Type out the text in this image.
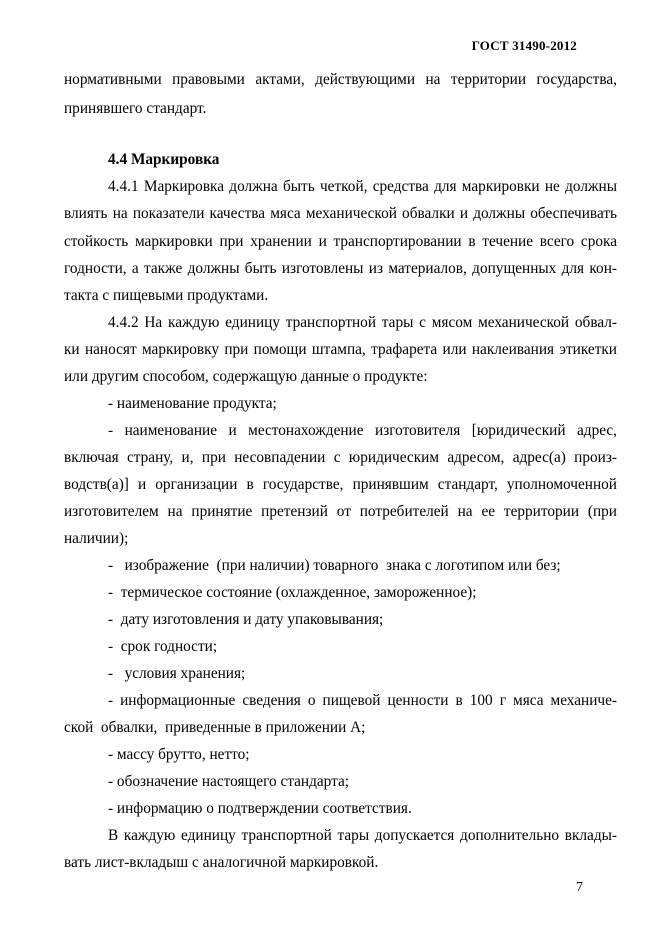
ГОСТ 31490-2012
нормативными правовыми актами, действующими на территории государства,
принявшего стандарт.
4.4 Маркировка
4.4.1 Маркировка должна быть четкой, средства для маркировки не должны
влиять на показатели качества мяса механической обвалки и должны обеспечивать
стойкость маркировки при хранении и транспортировании в течение всего срока
годности, а также должны быть изготовлены из материалов, допущенных для кон-
такта с пищевыми продуктами.
4.4.2 На каждую единицу транспортной тары с мясом механической обвал-
ки наносят маркировку при помощи штампа, трафарета или наклеивания этикетки
или другим способом, содержащую данные о продукте:
- наименование продукта;
- наименование и местонахождение изготовителя [юридический адрес,
включая страну, и, при несовпадении с юридическим адресом, адрес(а) произ-
водств(а)] и организации в государстве, принявшим стандарт, уполномоченной
изготовителем на принятие претензий от потребителей на ее территории (при
наличии);
-   изображение  (при наличии) товарного  знака с логотипом или без;
-  термическое состояние (охлажденное, замороженное);
-  дату изготовления и дату упаковывания;
-  срок годности;
-   условия хранения;
- информационные сведения о пищевой ценности в 100 г мяса механиче-
ской  обвалки,  приведенные в приложении А;
- массу брутто, нетто;
- обозначение настоящего стандарта;
- информацию о подтверждении соответствия.
В каждую единицу транспортной тары допускается дополнительно вклады-
вать лист-вкладыш с аналогичной маркировкой.
7
